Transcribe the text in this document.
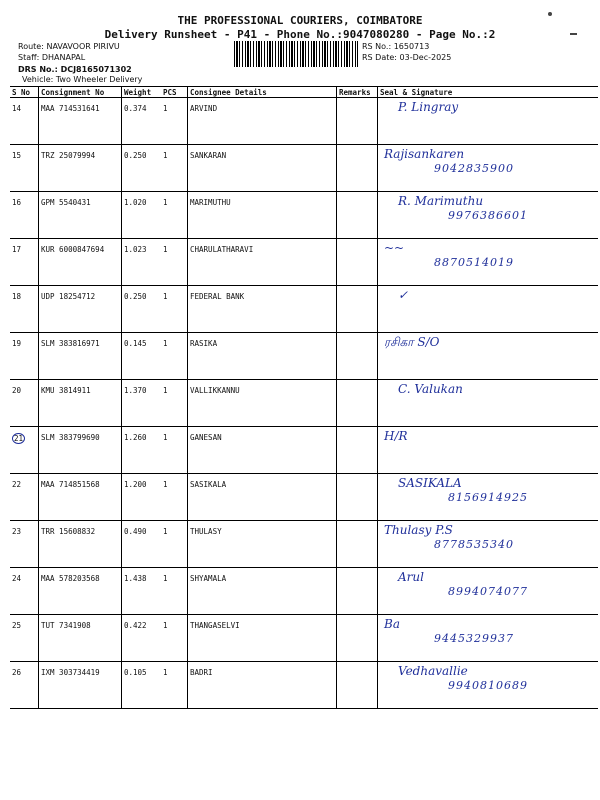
THE PROFESSIONAL COURIERS, COIMBATORE
Delivery Runsheet - P41 - Phone No.:9047080280 - Page No.:2
Route: NAVAVOOR PIRIVU
Staff: DHANAPAL
DRS No.: DCJ8165071302
Vehicle: Two Wheeler Delivery
RS No.: 1650713
RS Date: 03-Dec-2025
S No	Consignment No	Weight	PCS	Consignee Details	Remarks	Seal & Signature
14	MAA 714531641	0.374	1	ARVIND		P. Lingray

15	TRZ 25079994	0.250	1	SANKARAN		Rajisankaren
9042835900

16	GPM 5540431	1.020	1	MARIMUTHU		R. Marimuthu
9976386601

17	KUR 6000847694	1.023	1	CHARULATHARAVI		~~
8870514019

18	UDP 18254712	0.250	1	FEDERAL BANK		✓

19	SLM 383816971	0.145	1	RASIKA		ரசிகா S/O

20	KMU 3814911	1.370	1	VALLIKKANNU		C. Valukan

21	SLM 383799690	1.260	1	GANESAN		H/R

22	MAA 714851568	1.200	1	SASIKALA		SASIKALA
8156914925

23	TRR 15608832	0.490	1	THULASY		Thulasy P.S
8778535340

24	MAA 578203568	1.438	1	SHYAMALA		Arul
8994074077

25	TUT 7341908	0.422	1	THANGASELVI		Ba
9445329937

26	IXM 303734419	0.105	1	BADRI		Vedhavallie
9940810689
